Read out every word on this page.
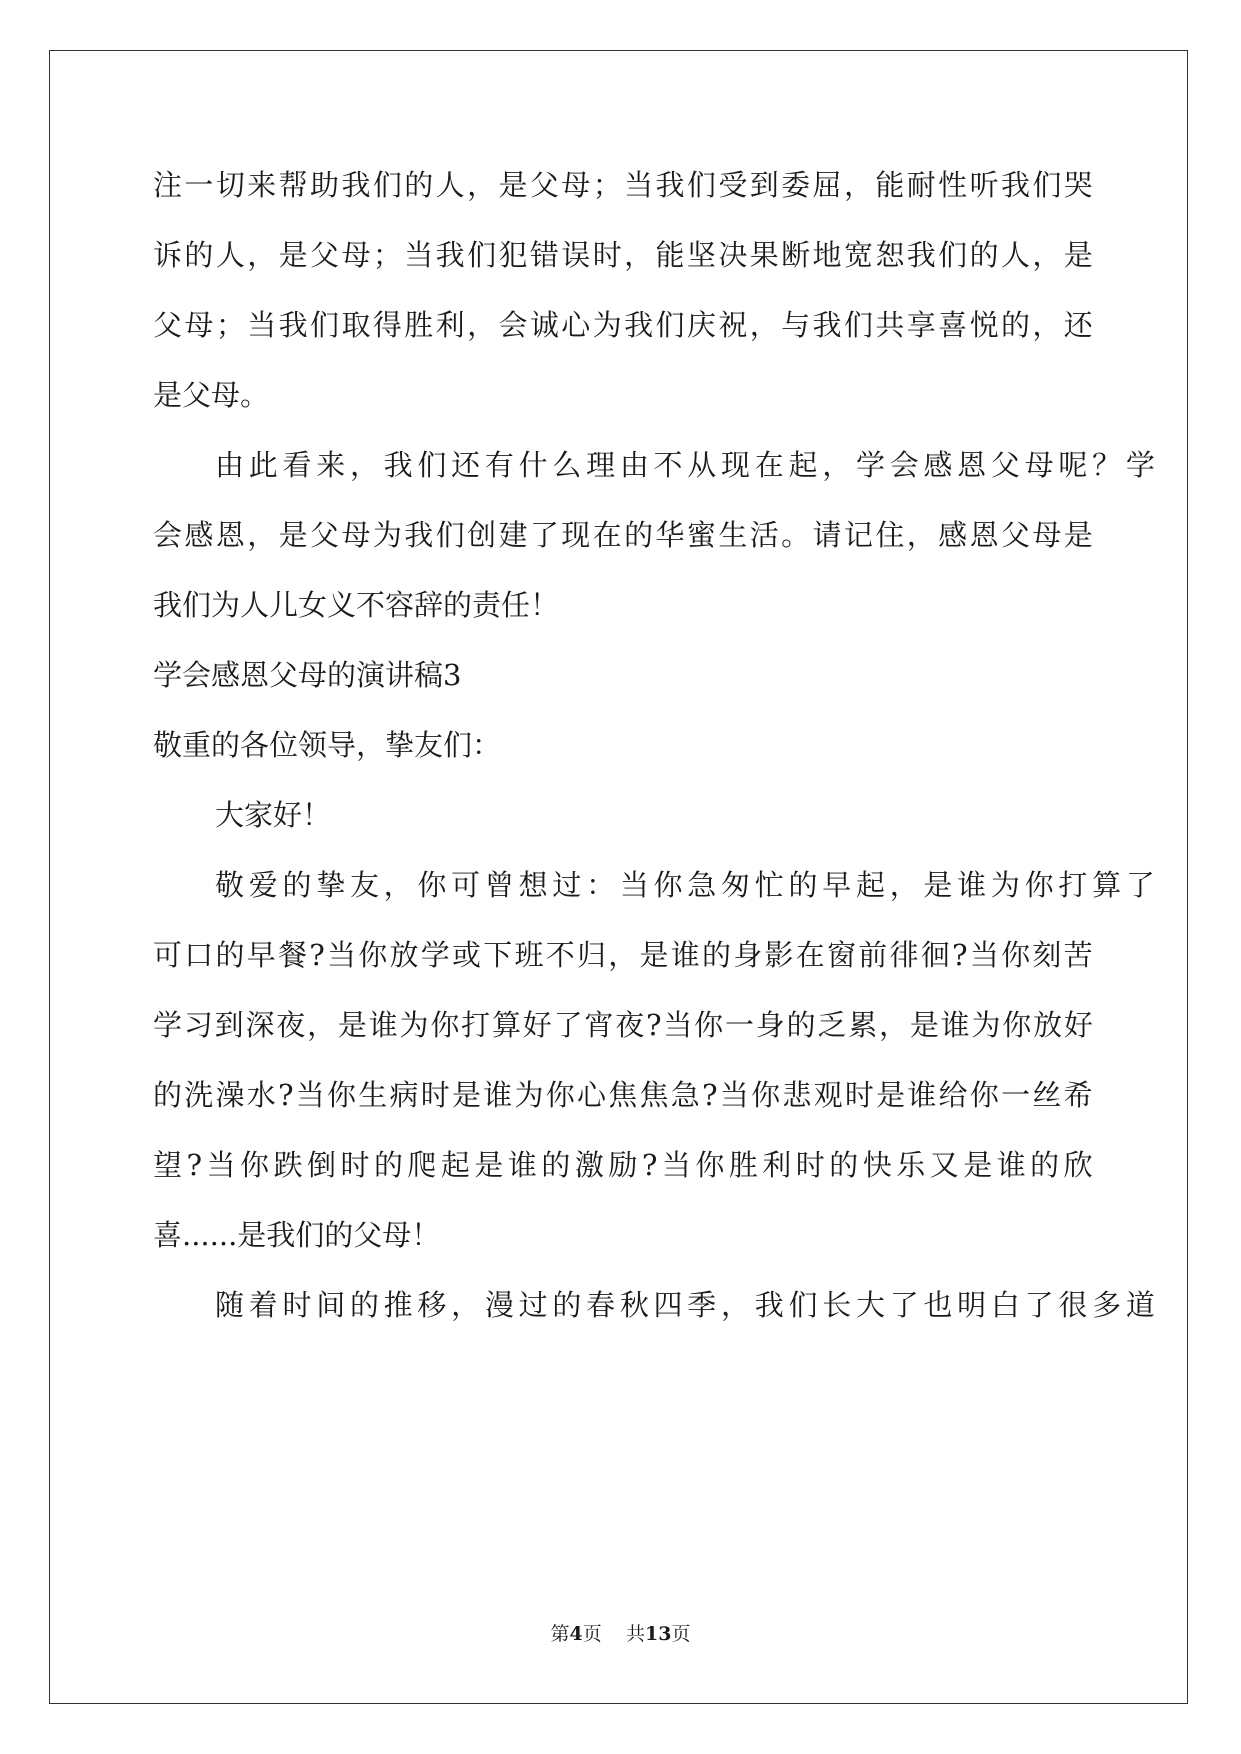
注 一 切 来 帮 助 我 们 的 人 ， 是 父 母 ； 当 我 们 受 到 委 屈 ， 能 耐 性 听 我 们 哭
诉 的 人 ， 是 父 母 ； 当 我 们 犯 错 误 时 ， 能 坚 决 果 断 地 宽 恕 我 们 的 人 ， 是
父 母 ； 当 我 们 取 得 胜 利 ， 会 诚 心 为 我 们 庆 祝 ， 与 我 们 共 享 喜 悦 的 ， 还
是父母。
由 此 看 来 ， 我 们 还 有 什 么 理 由 不 从 现 在 起 ， 学 会 感 恩 父 母 呢 ？ 学
会 感 恩 ， 是 父 母 为 我 们 创 建 了 现 在 的 华 蜜 生 活 。 请 记 住 ， 感 恩 父 母 是
我们为人儿女义不容辞的责任！
学会感恩父母的演讲稿3
敬重的各位领导，挚友们：
大家好！
敬 爱 的 挚 友 ， 你 可 曾 想 过 ： 当 你 急 匆 忙 的 早 起 ， 是 谁 为 你 打 算 了
可 口 的 早 餐 ? 当 你 放 学 或 下 班 不 归 ， 是 谁 的 身 影 在 窗 前 徘 徊 ? 当 你 刻 苦
学 习 到 深 夜 ， 是 谁 为 你 打 算 好 了 宵 夜 ? 当 你 一 身 的 乏 累 ， 是 谁 为 你 放 好
的 洗 澡 水 ? 当 你 生 病 时 是 谁 为 你 心 焦 焦 急 ? 当 你 悲 观 时 是 谁 给 你 一 丝 希
望 ? 当 你 跌 倒 时 的 爬 起 是 谁 的 激 励 ? 当 你 胜 利 时 的 快 乐 又 是 谁 的 欣
喜......是我们的父母！
随 着 时 间 的 推 移 ， 漫 过 的 春 秋 四 季 ， 我 们 长 大 了 也 明 白 了 很 多 道
第4页 共13页
